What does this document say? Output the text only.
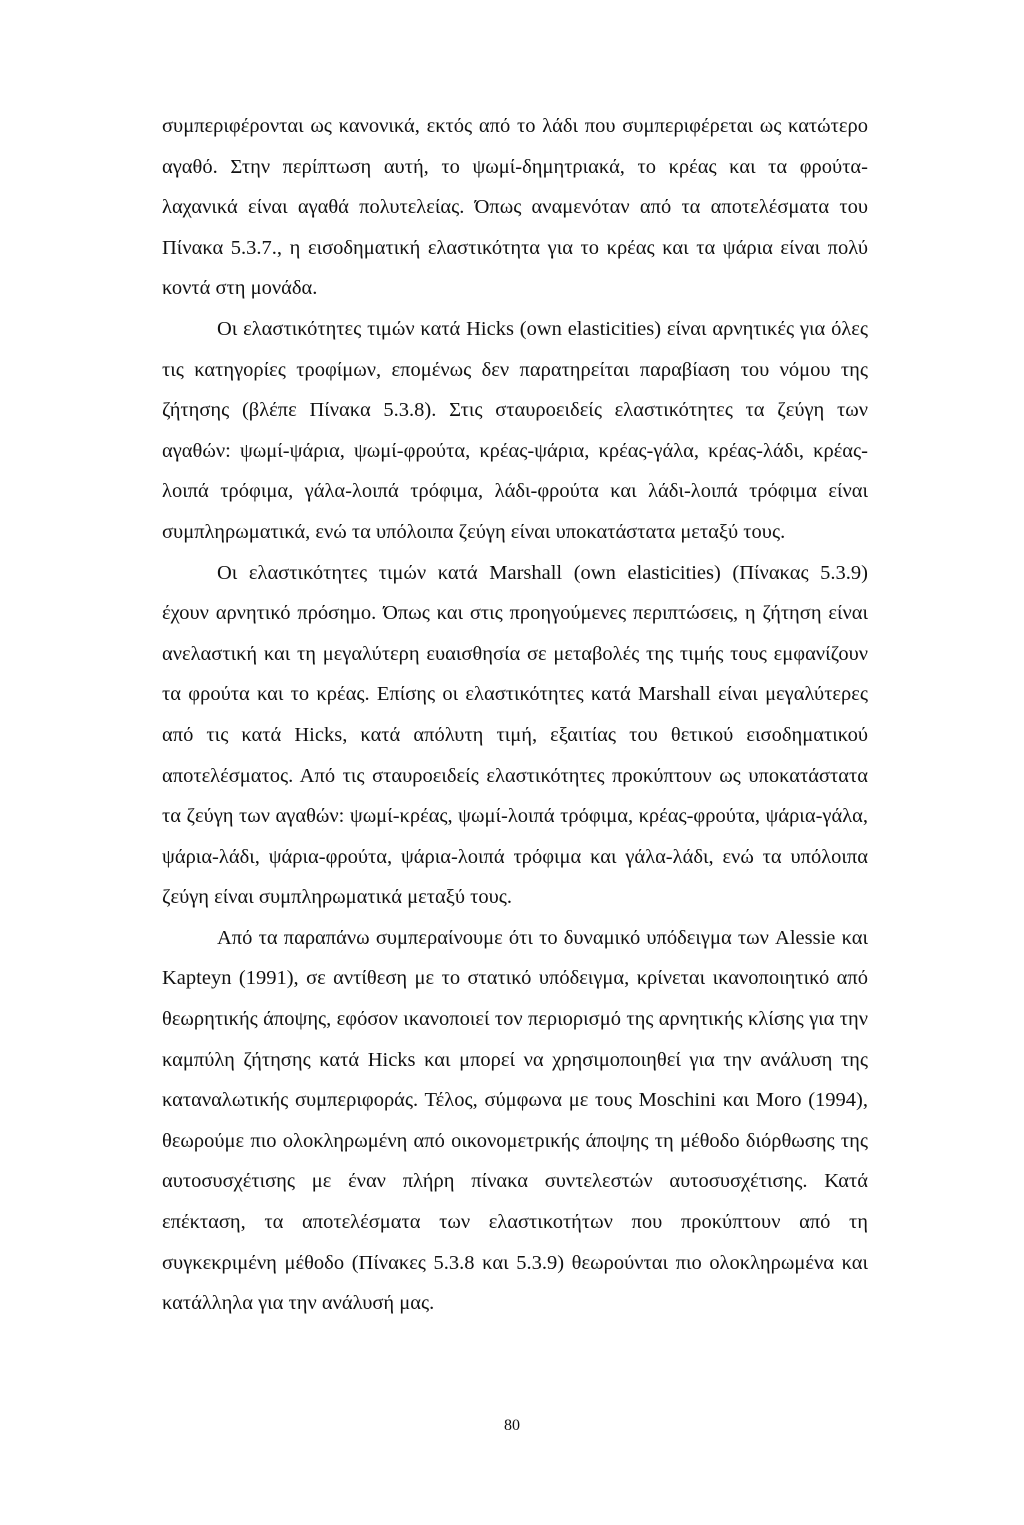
συμπεριφέρονται ως κανονικά, εκτός από το λάδι που συμπεριφέρεται ως κατώτερο αγαθό. Στην περίπτωση αυτή, το ψωμί-δημητριακά, το κρέας και τα φρούτα-λαχανικά είναι αγαθά πολυτελείας. Όπως αναμενόταν από τα αποτελέσματα του Πίνακα 5.3.7., η εισοδηματική ελαστικότητα για το κρέας και τα ψάρια είναι πολύ κοντά στη μονάδα.

Οι ελαστικότητες τιμών κατά Hicks (own elasticities) είναι αρνητικές για όλες τις κατηγορίες τροφίμων, επομένως δεν παρατηρείται παραβίαση του νόμου της ζήτησης (βλέπε Πίνακα 5.3.8). Στις σταυροειδείς ελαστικότητες τα ζεύγη των αγαθών: ψωμί-ψάρια, ψωμί-φρούτα, κρέας-ψάρια, κρέας-γάλα, κρέας-λάδι, κρέας-λοιπά τρόφιμα, γάλα-λοιπά τρόφιμα, λάδι-φρούτα και λάδι-λοιπά τρόφιμα είναι συμπληρωματικά, ενώ τα υπόλοιπα ζεύγη είναι υποκατάστατα μεταξύ τους.

Οι ελαστικότητες τιμών κατά Marshall (own elasticities) (Πίνακας 5.3.9) έχουν αρνητικό πρόσημο. Όπως και στις προηγούμενες περιπτώσεις, η ζήτηση είναι ανελαστική και τη μεγαλύτερη ευαισθησία σε μεταβολές της τιμής τους εμφανίζουν τα φρούτα και το κρέας. Επίσης οι ελαστικότητες κατά Marshall είναι μεγαλύτερες από τις κατά Hicks, κατά απόλυτη τιμή, εξαιτίας του θετικού εισοδηματικού αποτελέσματος. Από τις σταυροειδείς ελαστικότητες προκύπτουν ως υποκατάστατα τα ζεύγη των αγαθών: ψωμί-κρέας, ψωμί-λοιπά τρόφιμα, κρέας-φρούτα, ψάρια-γάλα, ψάρια-λάδι, ψάρια-φρούτα, ψάρια-λοιπά τρόφιμα και γάλα-λάδι, ενώ τα υπόλοιπα ζεύγη είναι συμπληρωματικά μεταξύ τους.

Από τα παραπάνω συμπεραίνουμε ότι το δυναμικό υπόδειγμα των Alessie και Kapteyn (1991), σε αντίθεση με το στατικό υπόδειγμα, κρίνεται ικανοποιητικό από θεωρητικής άποψης, εφόσον ικανοποιεί τον περιορισμό της αρνητικής κλίσης για την καμπύλη ζήτησης κατά Hicks και μπορεί να χρησιμοποιηθεί για την ανάλυση της καταναλωτικής συμπεριφοράς. Τέλος, σύμφωνα με τους Moschini και Moro (1994), θεωρούμε πιο ολοκληρωμένη από οικονομετρικής άποψης τη μέθοδο διόρθωσης της αυτοσυσχέτισης με έναν πλήρη πίνακα συντελεστών αυτοσυσχέτισης. Κατά επέκταση, τα αποτελέσματα των ελαστικοτήτων που προκύπτουν από τη συγκεκριμένη μέθοδο (Πίνακες 5.3.8 και 5.3.9) θεωρούνται πιο ολοκληρωμένα και κατάλληλα για την ανάλυσή μας.

80
